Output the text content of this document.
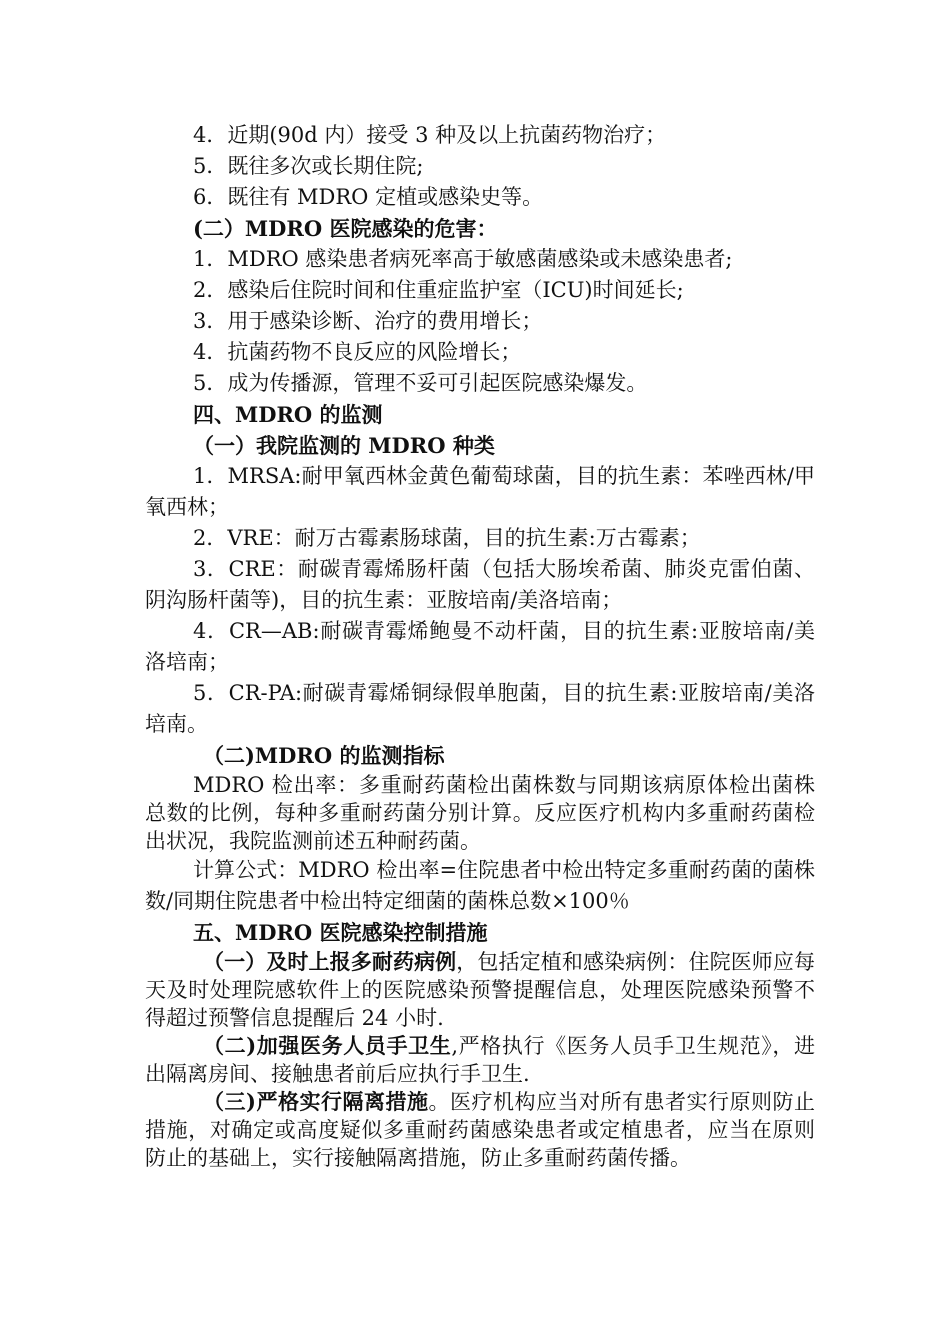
4．近期(90d 内）接受 3 种及以上抗菌药物治疗；

5．既往多次或长期住院;

6．既往有 MDRO 定植或感染史等。

(二）MDRO 医院感染的危害：

1．MDRO 感染患者病死率高于敏感菌感染或未感染患者;

2．感染后住院时间和住重症监护室（ICU)时间延长;

3．用于感染诊断、治疗的费用增长；

4．抗菌药物不良反应的风险增长；

5．成为传播源，管理不妥可引起医院感染爆发。

四、MDRO 的监测

（一）我院监测的 MDRO 种类

1．MRSA:耐甲氧西林金黄色葡萄球菌，目的抗生素：苯唑西林/甲氧西林；

2．VRE：耐万古霉素肠球菌，目的抗生素:万古霉素；

3．CRE：耐碳青霉烯肠杆菌（包括大肠埃希菌、肺炎克雷伯菌、阴沟肠杆菌等)，目的抗生素：亚胺培南/美洛培南；

4．CR—AB:耐碳青霉烯鲍曼不动杆菌，目的抗生素:亚胺培南/美洛培南；

5．CR-PA:耐碳青霉烯铜绿假单胞菌，目的抗生素:亚胺培南/美洛培南。

（二)MDRO 的监测指标

MDRO 检出率：多重耐药菌检出菌株数与同期该病原体检出菌株总数的比例，每种多重耐药菌分别计算。反应医疗机构内多重耐药菌检出状况，我院监测前述五种耐药菌。

计算公式：MDRO 检出率=住院患者中检出特定多重耐药菌的菌株数/同期住院患者中检出特定细菌的菌株总数×100％

五、MDRO 医院感染控制措施

（一）及时上报多耐药病例，包括定植和感染病例：住院医师应每天及时处理院感软件上的医院感染预警提醒信息，处理医院感染预警不得超过预警信息提醒后 24 小时.

（二)加强医务人员手卫生,严格执行《医务人员手卫生规范》，进出隔离房间、接触患者前后应执行手卫生.

（三)严格实行隔离措施。医疗机构应当对所有患者实行原则防止措施，对确定或高度疑似多重耐药菌感染患者或定植患者，应当在原则防止的基础上，实行接触隔离措施，防止多重耐药菌传播。
